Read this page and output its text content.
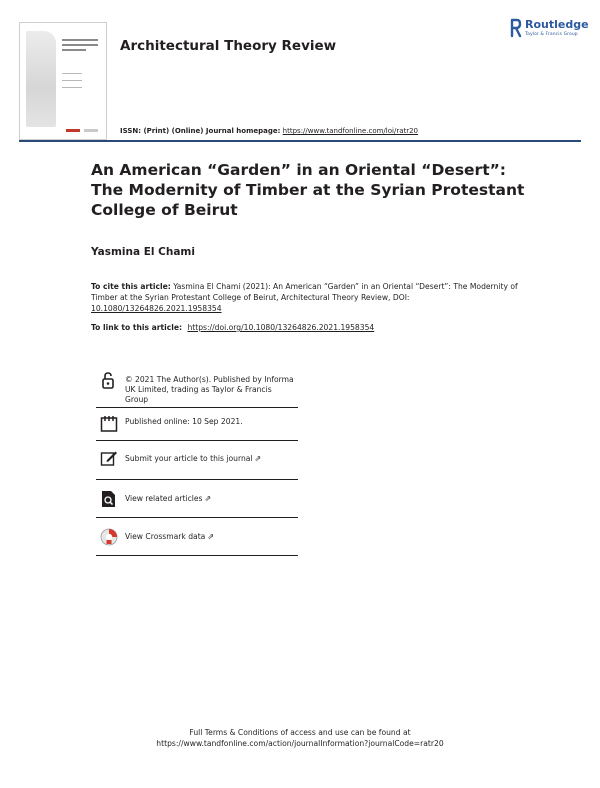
Architectural Theory Review
Routledge
Taylor & Francis Group
ISSN: (Print) (Online) Journal homepage: https://www.tandfonline.com/loi/ratr20
An American “Garden” in an Oriental “Desert”:
The Modernity of Timber at the Syrian Protestant
College of Beirut
Yasmina El Chami
To cite this article: Yasmina El Chami (2021): An American “Garden” in an Oriental “Desert”: The Modernity of Timber at the Syrian Protestant College of Beirut, Architectural Theory Review, DOI: 10.1080/13264826.2021.1958354
To link to this article: https://doi.org/10.1080/13264826.2021.1958354
© 2021 The Author(s). Published by Informa UK Limited, trading as Taylor & Francis Group
Published online: 10 Sep 2021.
Submit your article to this journal ⇗
View related articles ⇗
View Crossmark data ⇗
Full Terms & Conditions of access and use can be found at
https://www.tandfonline.com/action/journalInformation?journalCode=ratr20
